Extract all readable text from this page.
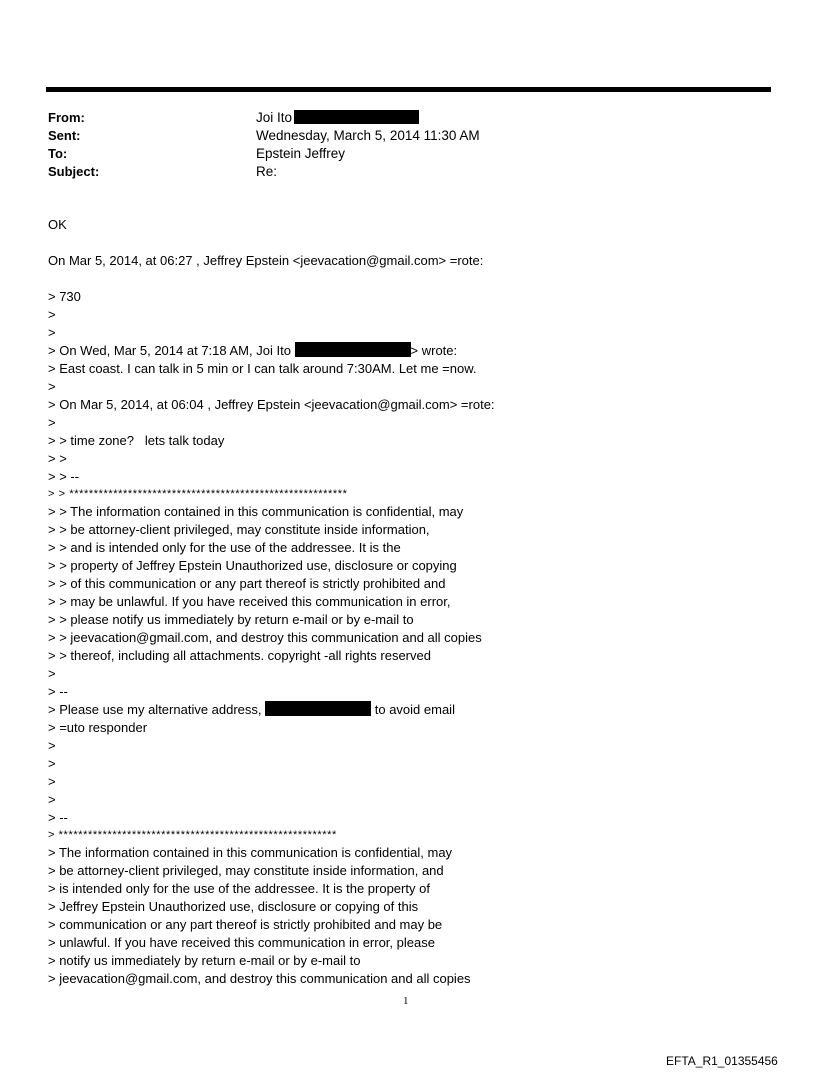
From:	Joi Ito
Sent:	Wednesday, March 5, 2014 11:30 AM
To:	Epstein Jeffrey
Subject:	Re:
OK
On Mar 5, 2014, at 06:27 , Jeffrey Epstein <jeevacation@gmail.com> =rote:
> 730
>
>
> On Wed, Mar 5, 2014 at 7:18 AM, Joi Ito	> wrote:
> East coast. I can talk in 5 min or I can talk around 7:30AM. Let me =now.
>
> On Mar 5, 2014, at 06:04 , Jeffrey Epstein <jeevacation@gmail.com> =rote:
>
> > time zone?   lets talk today
> >
> > --
> > *********************************************************
> > The information contained in this communication is confidential, may
> > be attorney-client privileged, may constitute inside information,
> > and is intended only for the use of the addressee. It is the
> > property of Jeffrey Epstein Unauthorized use, disclosure or copying
> > of this communication or any part thereof is strictly prohibited and
> > may be unlawful. If you have received this communication in error,
> > please notify us immediately by return e-mail or by e-mail to
> > jeevacation@gmail.com, and destroy this communication and all copies
> > thereof, including all attachments. copyright -all rights reserved
>
> --
> Please use my alternative address,	to avoid email
> =uto responder
>
>
>
>
> --
> *********************************************************
> The information contained in this communication is confidential, may
> be attorney-client privileged, may constitute inside information, and
> is intended only for the use of the addressee. It is the property of
> Jeffrey Epstein Unauthorized use, disclosure or copying of this
> communication or any part thereof is strictly prohibited and may be
> unlawful. If you have received this communication in error, please
> notify us immediately by return e-mail or by e-mail to
> jeevacation@gmail.com, and destroy this communication and all copies
1
EFTA_R1_01355456
